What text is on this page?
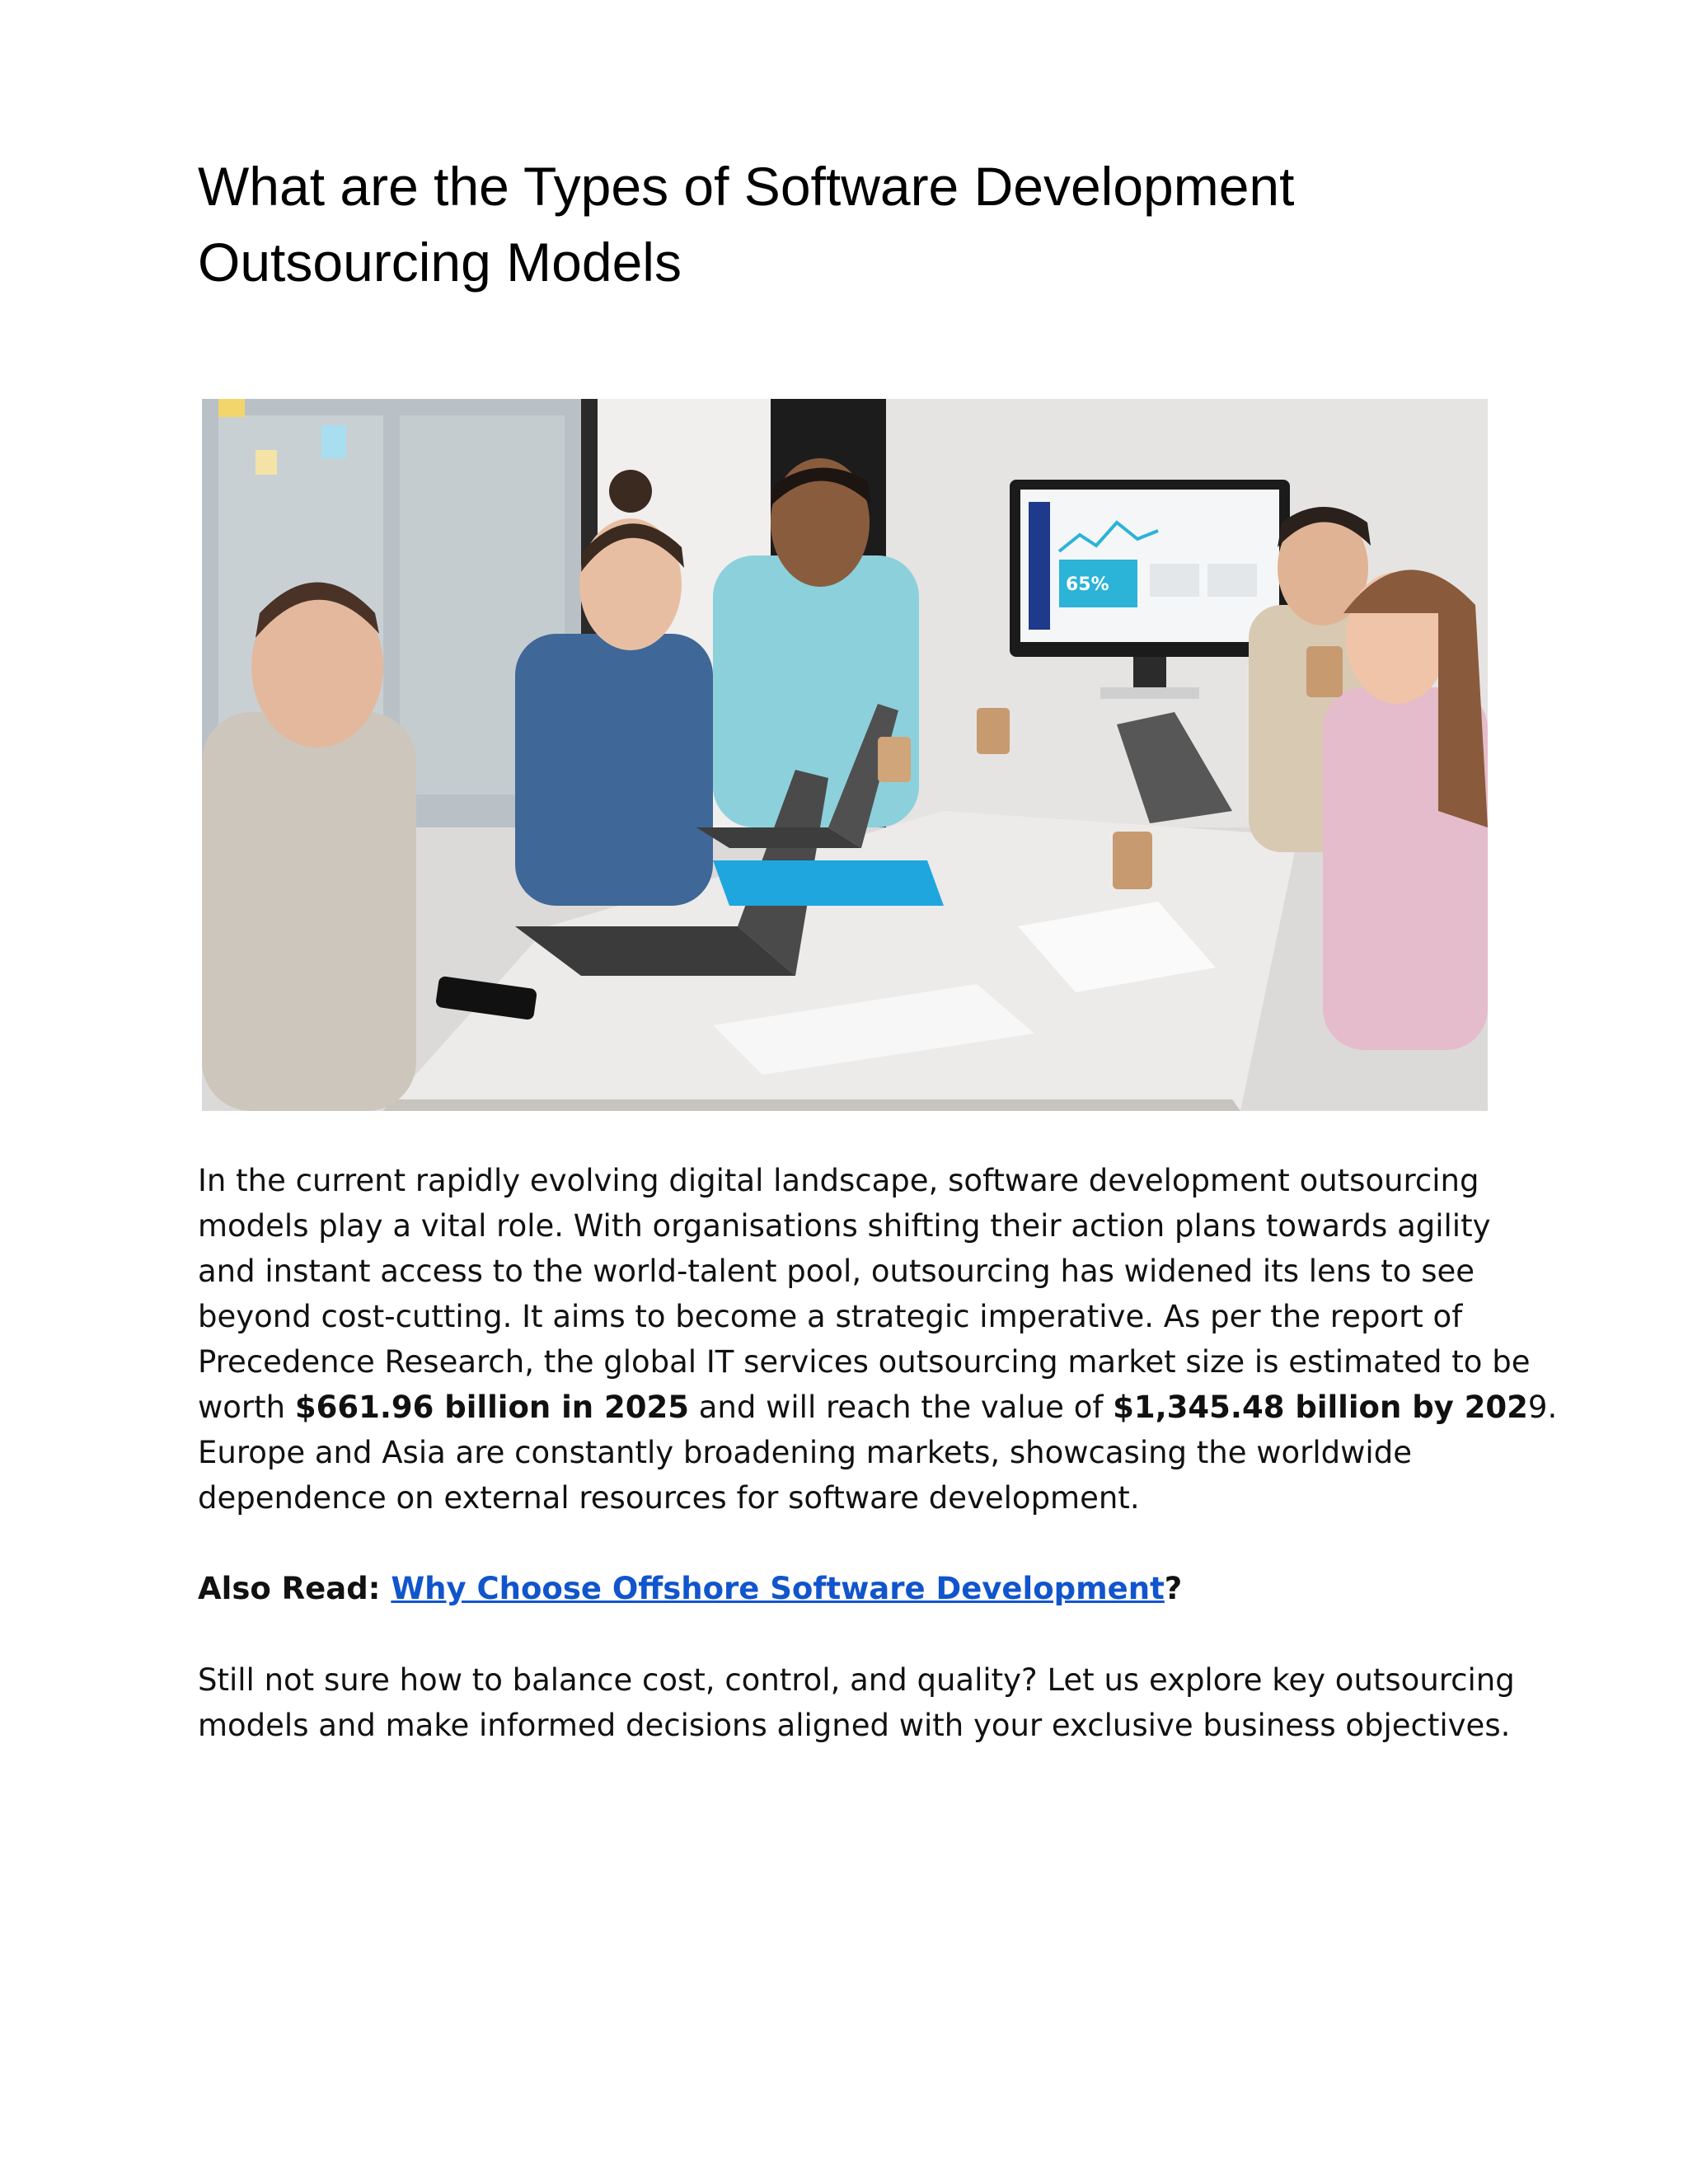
What are the Types of Software Development
Outsourcing Models
65%

In the current rapidly evolving digital landscape, software development outsourcing
models play a vital role. With organisations shifting their action plans towards agility
and instant access to the world-talent pool, outsourcing has widened its lens to see
beyond cost-cutting. It aims to become a strategic imperative. As per the report of
Precedence Research, the global IT services outsourcing market size is estimated to be
worth $661.96 billion in 2025 and will reach the value of $1,345.48 billion by 2029.
Europe and Asia are constantly broadening markets, showcasing the worldwide
dependence on external resources for software development.

Also Read: Why Choose Offshore Software Development?

Still not sure how to balance cost, control, and quality? Let us explore key outsourcing
models and make informed decisions aligned with your exclusive business objectives.
